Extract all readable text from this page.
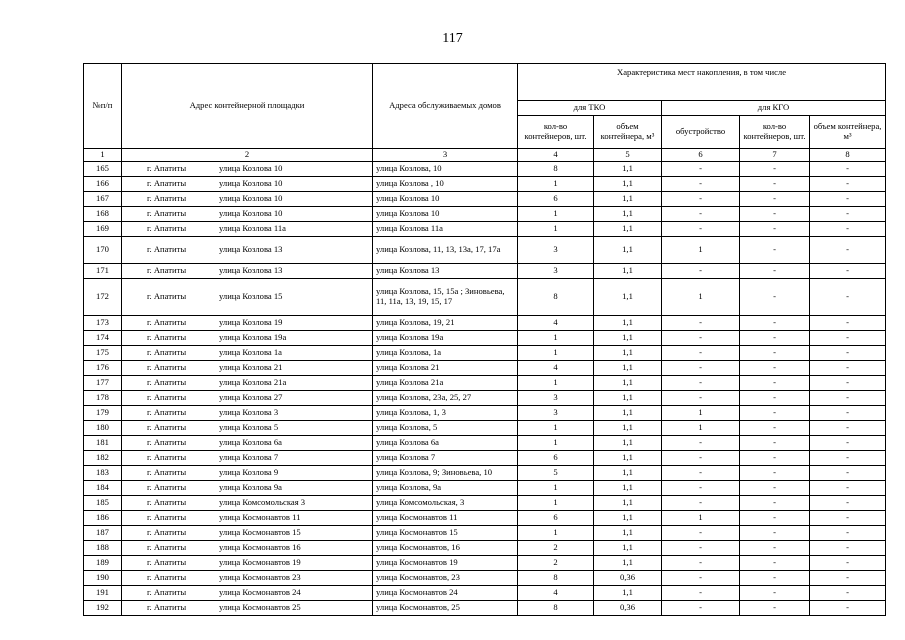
117
№п/п	Адрес контейнерной площадки	Адреса обслуживаемых домов	Характеристика мест накопления, в том числе				
			для ТКО		для КГО		
			кол-во контейнеров, шт.	объем контейнера, м³	обустройство	кол-во контейнеров, шт.	объем контейнера, м³
1	2	3	4	5	6	7	8
165	г. Апатиты улица Козлова 10	улица Козлова, 10	8	1,1	-	-	-
166	г. Апатиты улица Козлова 10	улица Козлова , 10	1	1,1	-	-	-
167	г. Апатиты улица Козлова 10	улица Козлова 10	6	1,1	-	-	-
168	г. Апатиты улица Козлова 10	улица Козлова 10	1	1,1	-	-	-
169	г. Апатиты улица Козлова 11а	улица Козлова 11а	1	1,1	-	-	-
170	г. Апатиты улица Козлова 13	улица Козлова, 11, 13, 13а, 17, 17а	3	1,1	1	-	-
171	г. Апатиты улица Козлова 13	улица Козлова 13	3	1,1	-	-	-
172	г. Апатиты улица Козлова 15	улица Козлова, 15, 15а ; Зиновьева, 11, 11а, 13, 19, 15, 17	8	1,1	1	-	-
173	г. Апатиты улица Козлова 19	улица Козлова, 19, 21	4	1,1	-	-	-
174	г. Апатиты улица Козлова 19а	улица Козлова 19а	1	1,1	-	-	-
175	г. Апатиты улица Козлова 1а	улица Козлова, 1а	1	1,1	-	-	-
176	г. Апатиты улица Козлова 21	улица Козлова 21	4	1,1	-	-	-
177	г. Апатиты улица Козлова 21а	улица Козлова 21а	1	1,1	-	-	-
178	г. Апатиты улица Козлова 27	улица Козлова, 23а, 25, 27	3	1,1	-	-	-
179	г. Апатиты улица Козлова 3	улица Козлова, 1, 3	3	1,1	1	-	-
180	г. Апатиты улица Козлова 5	улица Козлова, 5	1	1,1	1	-	-
181	г. Апатиты улица Козлова 6а	улица Козлова 6а	1	1,1	-	-	-
182	г. Апатиты улица Козлова 7	улица Козлова 7	6	1,1	-	-	-
183	г. Апатиты улица Козлова 9	улица Козлова, 9; Зиновьева, 10	5	1,1	-	-	-
184	г. Апатиты улица Козлова 9а	улица Козлова, 9а	1	1,1	-	-	-
185	г. Апатиты улица Комсомольская 3	улица Комсомольская, 3	1	1,1	-	-	-
186	г. Апатиты улица Космонавтов 11	улица Космонавтов 11	6	1,1	1	-	-
187	г. Апатиты улица Космонавтов 15	улица Космонавтов 15	1	1,1	-	-	-
188	г. Апатиты улица Космонавтов 16	улица Космонавтов, 16	2	1,1	-	-	-
189	г. Апатиты улица Космонавтов 19	улица Космонавтов 19	2	1,1	-	-	-
190	г. Апатиты улица Космонавтов 23	улица Космонавтов, 23	8	0,36	-	-	-
191	г. Апатиты улица Космонавтов 24	улица Космонавтов 24	4	1,1	-	-	-
192	г. Апатиты улица Космонавтов 25	улица Космонавтов, 25	8	0,36	-	-	-
